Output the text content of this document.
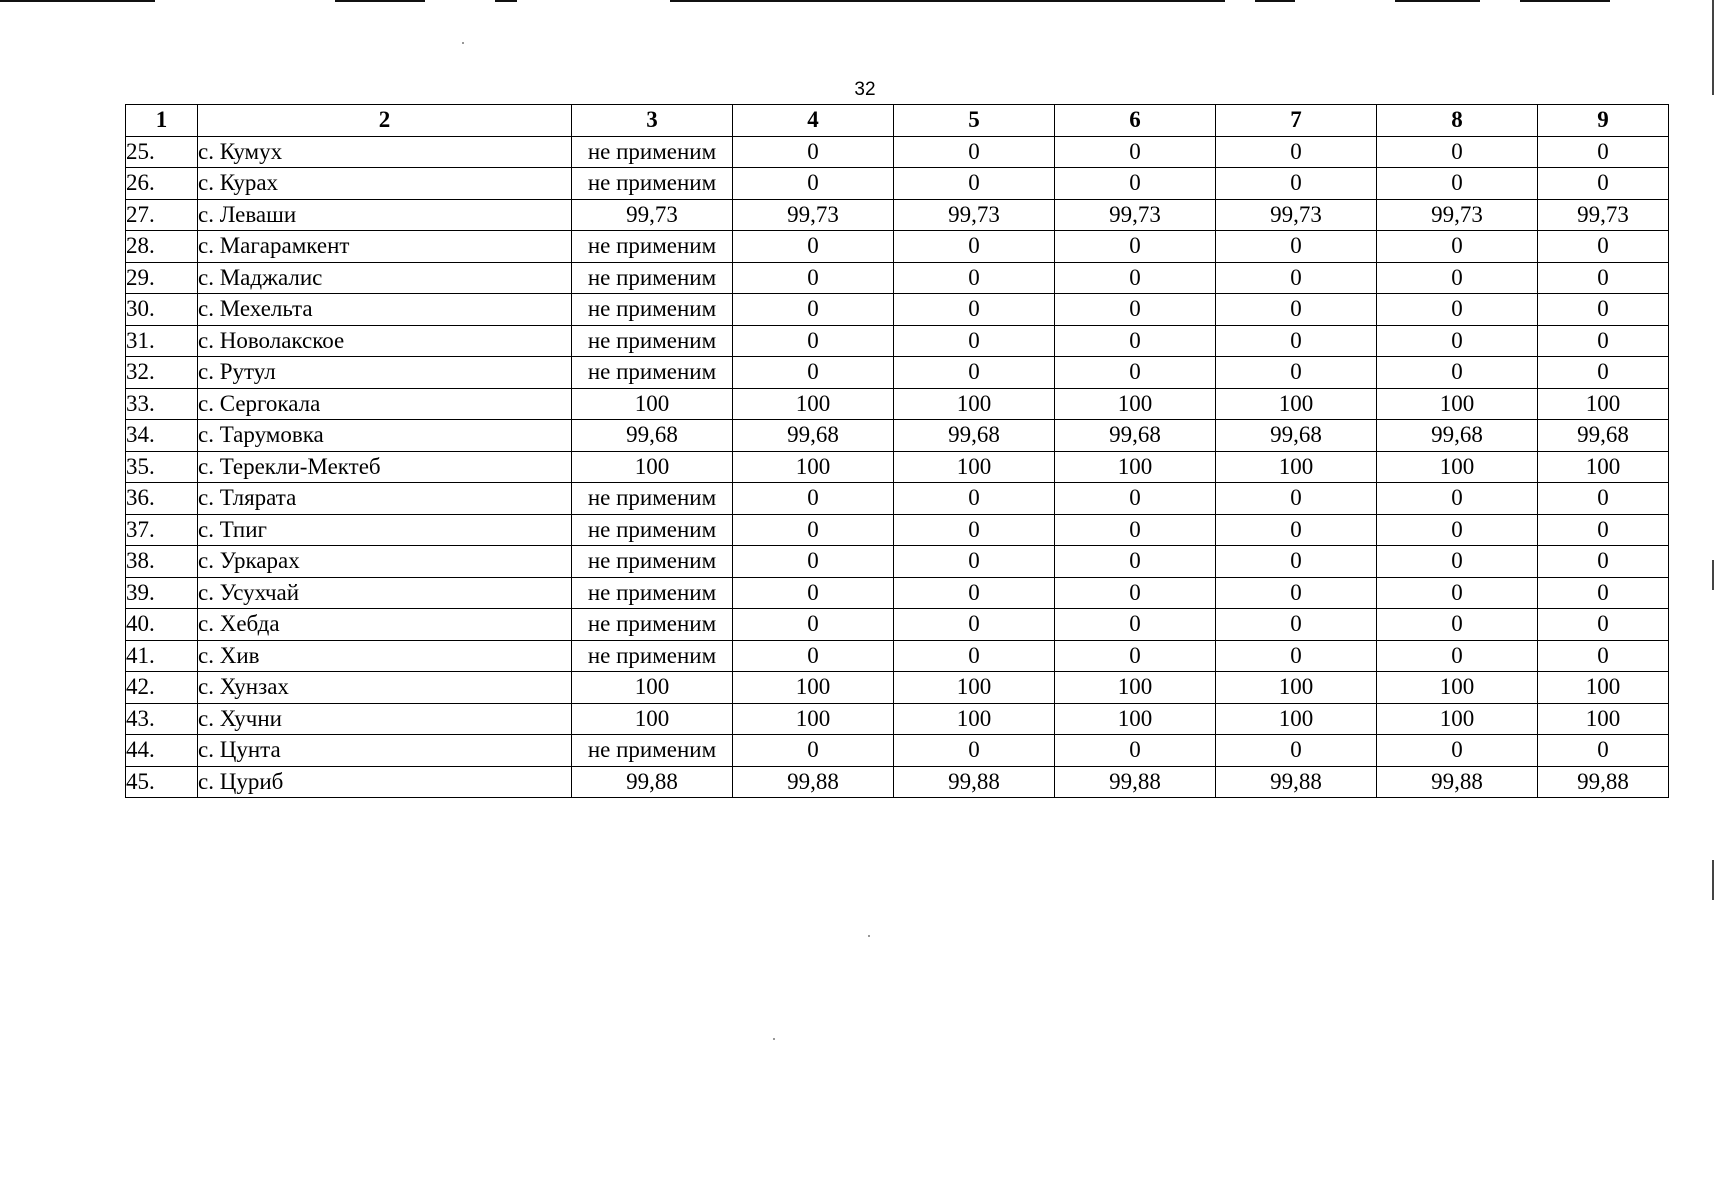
32
1	2	3	4	5	6	7	8	9
25.	с. Кумух	не применим	0	0	0	0	0	0
26.	с. Курах	не применим	0	0	0	0	0	0
27.	с. Леваши	99,73	99,73	99,73	99,73	99,73	99,73	99,73
28.	с. Магарамкент	не применим	0	0	0	0	0	0
29.	с. Маджалис	не применим	0	0	0	0	0	0
30.	с. Мехельта	не применим	0	0	0	0	0	0
31.	с. Новолакское	не применим	0	0	0	0	0	0
32.	с. Рутул	не применим	0	0	0	0	0	0
33.	с. Сергокала	100	100	100	100	100	100	100
34.	с. Тарумовка	99,68	99,68	99,68	99,68	99,68	99,68	99,68
35.	с. Терекли-Мектеб	100	100	100	100	100	100	100
36.	с. Тлярата	не применим	0	0	0	0	0	0
37.	с. Тпиг	не применим	0	0	0	0	0	0
38.	с. Уркарах	не применим	0	0	0	0	0	0
39.	с. Усухчай	не применим	0	0	0	0	0	0
40.	с. Хебда	не применим	0	0	0	0	0	0
41.	с. Хив	не применим	0	0	0	0	0	0
42.	с. Хунзах	100	100	100	100	100	100	100
43.	с. Хучни	100	100	100	100	100	100	100
44.	с. Цунта	не применим	0	0	0	0	0	0
45.	с. Цуриб	99,88	99,88	99,88	99,88	99,88	99,88	99,88
